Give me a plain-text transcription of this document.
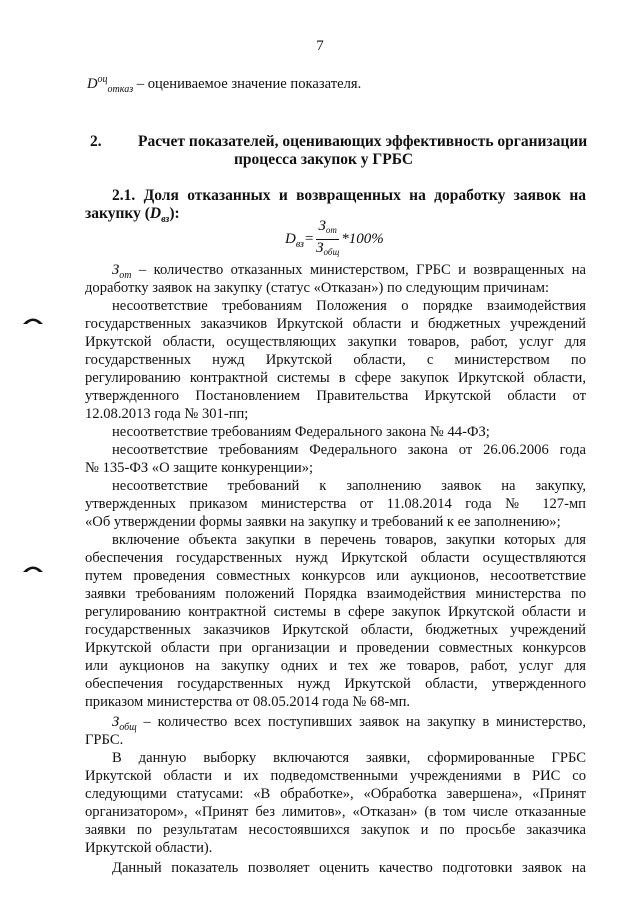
7
$D^{оц}_{отказ}$ – оцениваемое значение показателя.
2. Расчет показателей, оценивающих эффективность организации
процесса закупок у ГРБС
2.1. Доля отказанных и возвращенных на доработку заявок на
закупку $(D_{вз})$:
$D_{вз}= \frac{З_{от}}{З_{общ}} *100\%$
$З_{от}$ – количество отказанных министерством, ГРБС и возвращенных на
доработку заявок на закупку (статус «Отказан») по следующим причинам:
несоответствие требованиям Положения о порядке взаимодействия
государственных заказчиков Иркутской области и бюджетных учреждений
Иркутской области, осуществляющих закупки товаров, работ, услуг для
государственных нужд Иркутской области, с министерством по
регулированию контрактной системы в сфере закупок Иркутской области,
утвержденного Постановлением Правительства Иркутской области от
12.08.2013 года № 301-пп;
несоответствие требованиям Федерального закона № 44-ФЗ;
несоответствие требованиям Федерального закона от 26.06.2006 года
№ 135-ФЗ «О защите конкуренции»;
несоответствие требований к заполнению заявок на закупку,
утвержденных приказом министерства от 11.08.2014 года № 127-мп
«Об утверждении формы заявки на закупку и требований к ее заполнению»;
включение объекта закупки в перечень товаров, закупки которых для
обеспечения государственных нужд Иркутской области осуществляются
путем проведения совместных конкурсов или аукционов, несоответствие
заявки требованиям положений Порядка взаимодействия министерства по
регулированию контрактной системы в сфере закупок Иркутской области и
государственных заказчиков Иркутской области, бюджетных учреждений
Иркутской области при организации и проведении совместных конкурсов
или аукционов на закупку одних и тех же товаров, работ, услуг для
обеспечения государственных нужд Иркутской области, утвержденного
приказом министерства от 08.05.2014 года № 68-мп.
$З_{общ}$ – количество всех поступивших заявок на закупку в министерство,
ГРБС.
В данную выборку включаются заявки, сформированные ГРБС
Иркутской области и их подведомственными учреждениями в РИС со
следующими статусами: «В обработке», «Обработка завершена», «Принят
организатором», «Принят без лимитов», «Отказан» (в том числе отказанные
заявки по результатам несостоявшихся закупок и по просьбе заказчика
Иркутской области).
Данный показатель позволяет оценить качество подготовки заявок на
